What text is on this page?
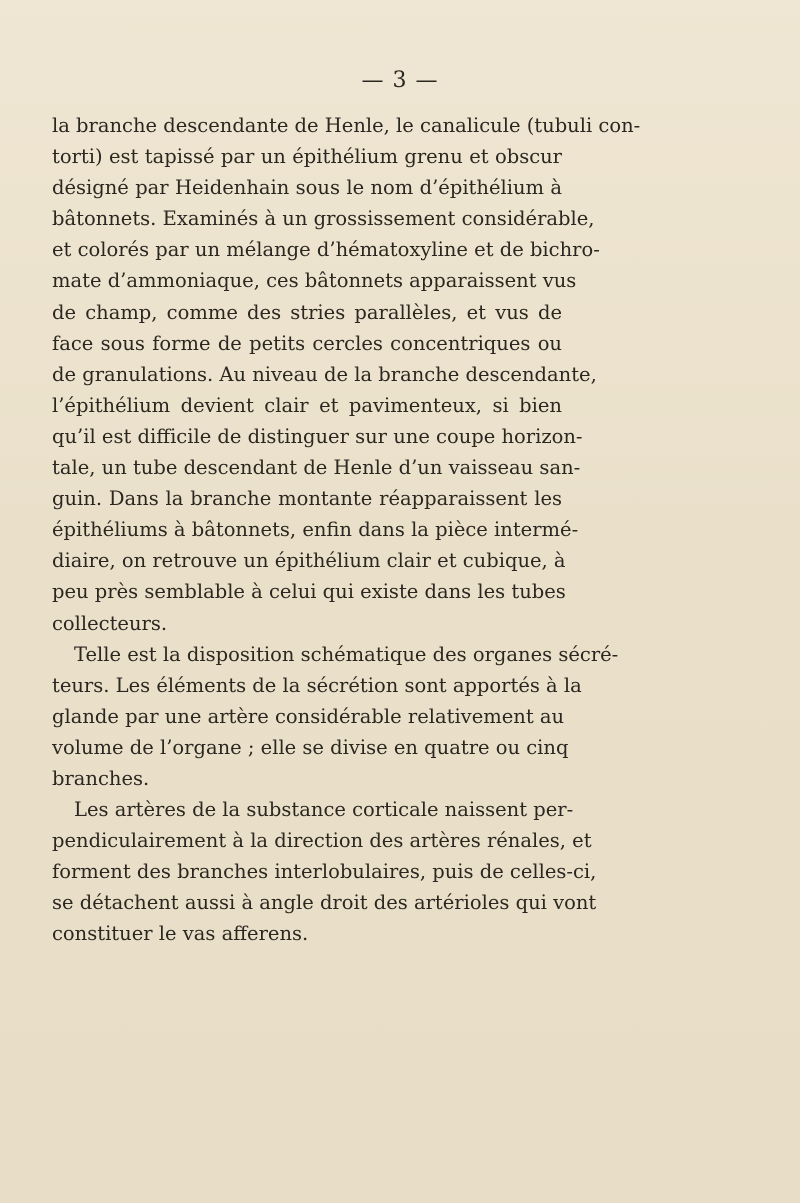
— 3 —
la branche descendante de Henle, le canalicule (tubuli con-
torti) est tapissé par un épithélium grenu et obscur
désigné par Heidenhain sous le nom d’épithélium à
bâtonnets. Examinés à un grossissement considérable,
et colorés par un mélange d’hématoxyline et de bichro-
mate d’ammoniaque, ces bâtonnets apparaissent vus
de champ, comme des stries parallèles, et vus de
face sous forme de petits cercles concentriques ou
de granulations. Au niveau de la branche descendante,
l’épithélium devient clair et pavimenteux, si bien
qu’il est difficile de distinguer sur une coupe horizon-
tale, un tube descendant de Henle d’un vaisseau san-
guin. Dans la branche montante réapparaissent les
épithéliums à bâtonnets, enfin dans la pièce intermé-
diaire, on retrouve un épithélium clair et cubique, à
peu près semblable à celui qui existe dans les tubes
collecteurs.
Telle est la disposition schématique des organes sécré-
teurs. Les éléments de la sécrétion sont apportés à la
glande par une artère considérable relativement au
volume de l’organe ; elle se divise en quatre ou cinq
branches.
Les artères de la substance corticale naissent per-
pendiculairement à la direction des artères rénales, et
forment des branches interlobulaires, puis de celles-ci,
se détachent aussi à angle droit des artérioles qui vont
constituer le vas afferens.
